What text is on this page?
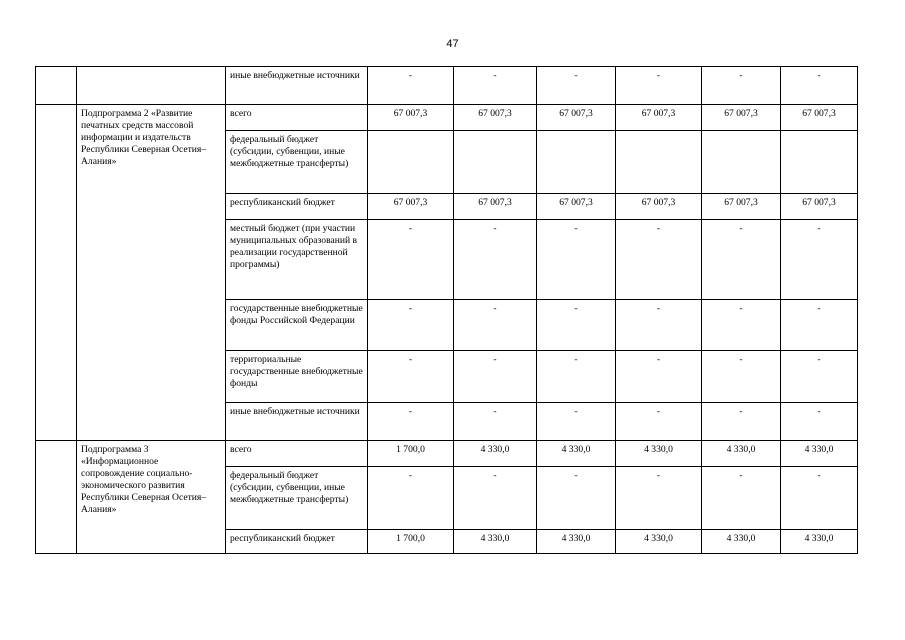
47
		иные внебюджетные источники	-	-	-	-	-	-
	Подпрограмма 2 «Развитие печатных средств массовой информации и издательств Республики Северная Осетия–Алания»	всего	67 007,3	67 007,3	67 007,3	67 007,3	67 007,3	67 007,3
		федеральный бюджет (субсидии, субвенции, иные межбюджетные трансферты)						
		республиканский бюджет	67 007,3	67 007,3	67 007,3	67 007,3	67 007,3	67 007,3
		местный бюджет (при участии муниципальных образований в реализации государственной программы)	-	-	-	-	-	-
		государственные внебюджетные фонды Российской Федерации	-	-	-	-	-	-
		территориальные государственные внебюджетные фонды	-	-	-	-	-	-
		иные внебюджетные источники	-	-	-	-	-	-
	Подпрограмма 3 «Информационное сопровождение социально-экономического развития Республики Северная Осетия–Алания»	всего	1 700,0	4 330,0	4 330,0	4 330,0	4 330,0	4 330,0
		федеральный бюджет (субсидии, субвенции, иные межбюджетные трансферты)	-	-	-	-	-	-
		республиканский бюджет	1 700,0	4 330,0	4 330,0	4 330,0	4 330,0	4 330,0
